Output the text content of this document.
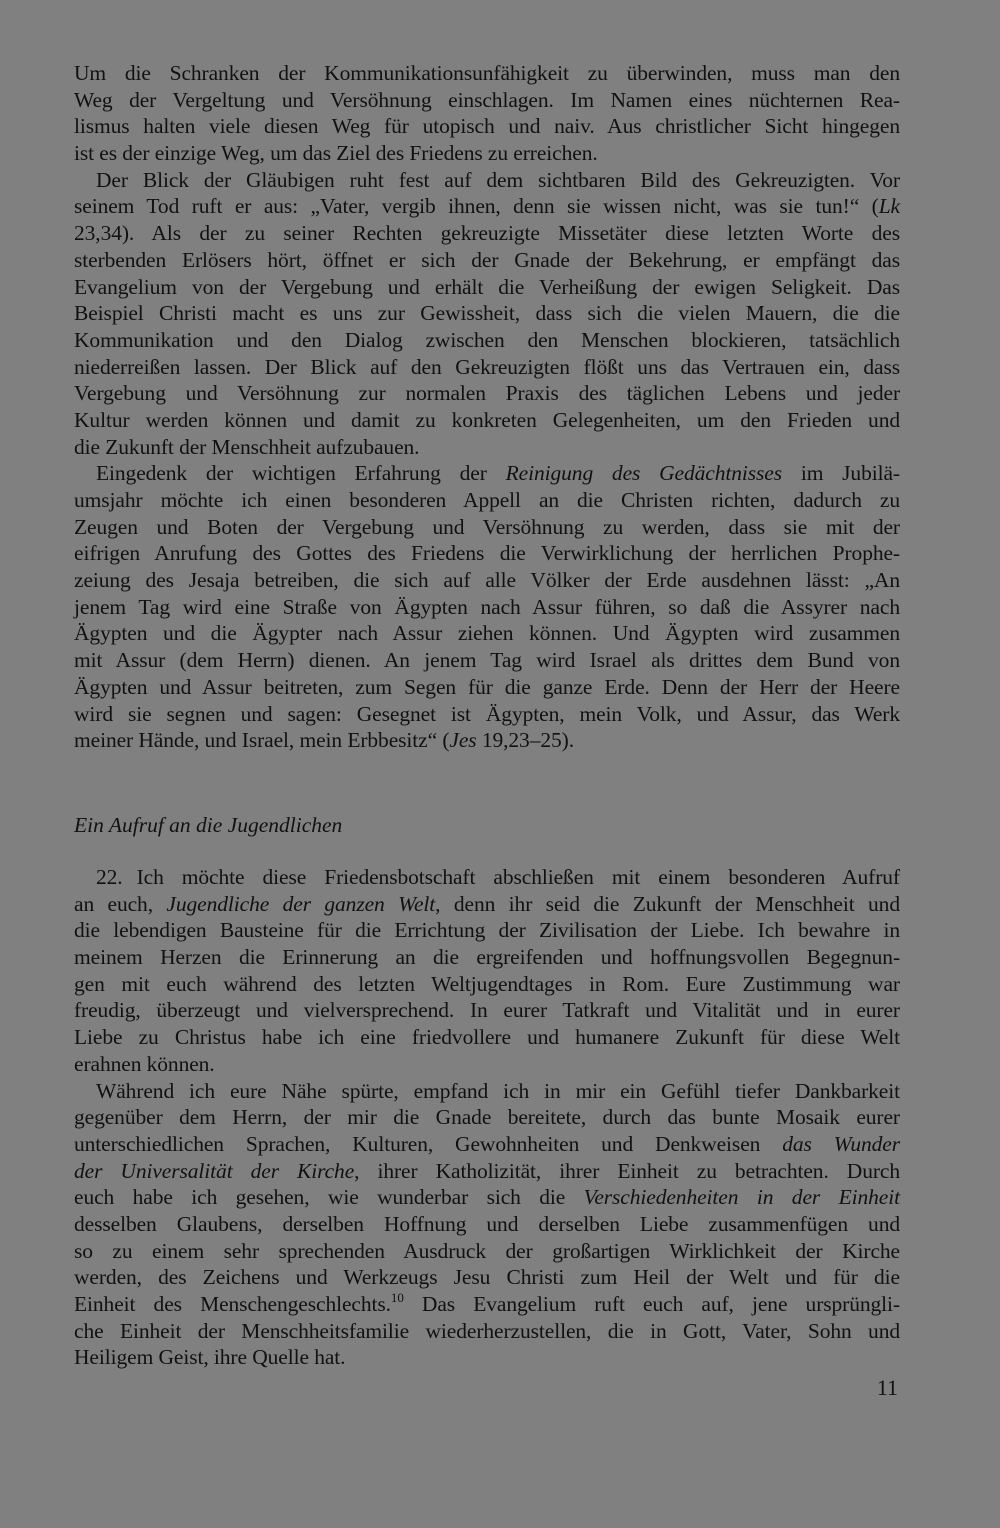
Um die Schranken der Kommunikationsunfähigkeit zu überwinden, muss man den
Weg der Vergeltung und Versöhnung einschlagen. Im Namen eines nüchternen Rea-
lismus halten viele diesen Weg für utopisch und naiv. Aus christlicher Sicht hingegen
ist es der einzige Weg, um das Ziel des Friedens zu erreichen.
Der Blick der Gläubigen ruht fest auf dem sichtbaren Bild des Gekreuzigten. Vor
seinem Tod ruft er aus: „Vater, vergib ihnen, denn sie wissen nicht, was sie tun!“ (Lk
23,34). Als der zu seiner Rechten gekreuzigte Missetäter diese letzten Worte des
sterbenden Erlösers hört, öffnet er sich der Gnade der Bekehrung, er empfängt das
Evangelium von der Vergebung und erhält die Verheißung der ewigen Seligkeit. Das
Beispiel Christi macht es uns zur Gewissheit, dass sich die vielen Mauern, die die
Kommunikation und den Dialog zwischen den Menschen blockieren, tatsächlich
niederreißen lassen. Der Blick auf den Gekreuzigten flößt uns das Vertrauen ein, dass
Vergebung und Versöhnung zur normalen Praxis des täglichen Lebens und jeder
Kultur werden können und damit zu konkreten Gelegenheiten, um den Frieden und
die Zukunft der Menschheit aufzubauen.
Eingedenk der wichtigen Erfahrung der Reinigung des Gedächtnisses im Jubilä-
umsjahr möchte ich einen besonderen Appell an die Christen richten, dadurch zu
Zeugen und Boten der Vergebung und Versöhnung zu werden, dass sie mit der
eifrigen Anrufung des Gottes des Friedens die Verwirklichung der herrlichen Prophe-
zeiung des Jesaja betreiben, die sich auf alle Völker der Erde ausdehnen lässt: „An
jenem Tag wird eine Straße von Ägypten nach Assur führen, so daß die Assyrer nach
Ägypten und die Ägypter nach Assur ziehen können. Und Ägypten wird zusammen
mit Assur (dem Herrn) dienen. An jenem Tag wird Israel als drittes dem Bund von
Ägypten und Assur beitreten, zum Segen für die ganze Erde. Denn der Herr der Heere
wird sie segnen und sagen: Gesegnet ist Ägypten, mein Volk, und Assur, das Werk
meiner Hände, und Israel, mein Erbbesitz“ (Jes 19,23–25).
Ein Aufruf an die Jugendlichen
22. Ich möchte diese Friedensbotschaft abschließen mit einem besonderen Aufruf
an euch, Jugendliche der ganzen Welt, denn ihr seid die Zukunft der Menschheit und
die lebendigen Bausteine für die Errichtung der Zivilisation der Liebe. Ich bewahre in
meinem Herzen die Erinnerung an die ergreifenden und hoffnungsvollen Begegnun-
gen mit euch während des letzten Weltjugendtages in Rom. Eure Zustimmung war
freudig, überzeugt und vielversprechend. In eurer Tatkraft und Vitalität und in eurer
Liebe zu Christus habe ich eine friedvollere und humanere Zukunft für diese Welt
erahnen können.
Während ich eure Nähe spürte, empfand ich in mir ein Gefühl tiefer Dankbarkeit
gegenüber dem Herrn, der mir die Gnade bereitete, durch das bunte Mosaik eurer
unterschiedlichen Sprachen, Kulturen, Gewohnheiten und Denkweisen das Wunder
der Universalität der Kirche, ihrer Katholizität, ihrer Einheit zu betrachten. Durch
euch habe ich gesehen, wie wunderbar sich die Verschiedenheiten in der Einheit
desselben Glaubens, derselben Hoffnung und derselben Liebe zusammenfügen und
so zu einem sehr sprechenden Ausdruck der großartigen Wirklichkeit der Kirche
werden, des Zeichens und Werkzeugs Jesu Christi zum Heil der Welt und für die
Einheit des Menschengeschlechts.$^{10}$ Das Evangelium ruft euch auf, jene ursprüngli-
che Einheit der Menschheitsfamilie wiederherzustellen, die in Gott, Vater, Sohn und
Heiligem Geist, ihre Quelle hat.
11
